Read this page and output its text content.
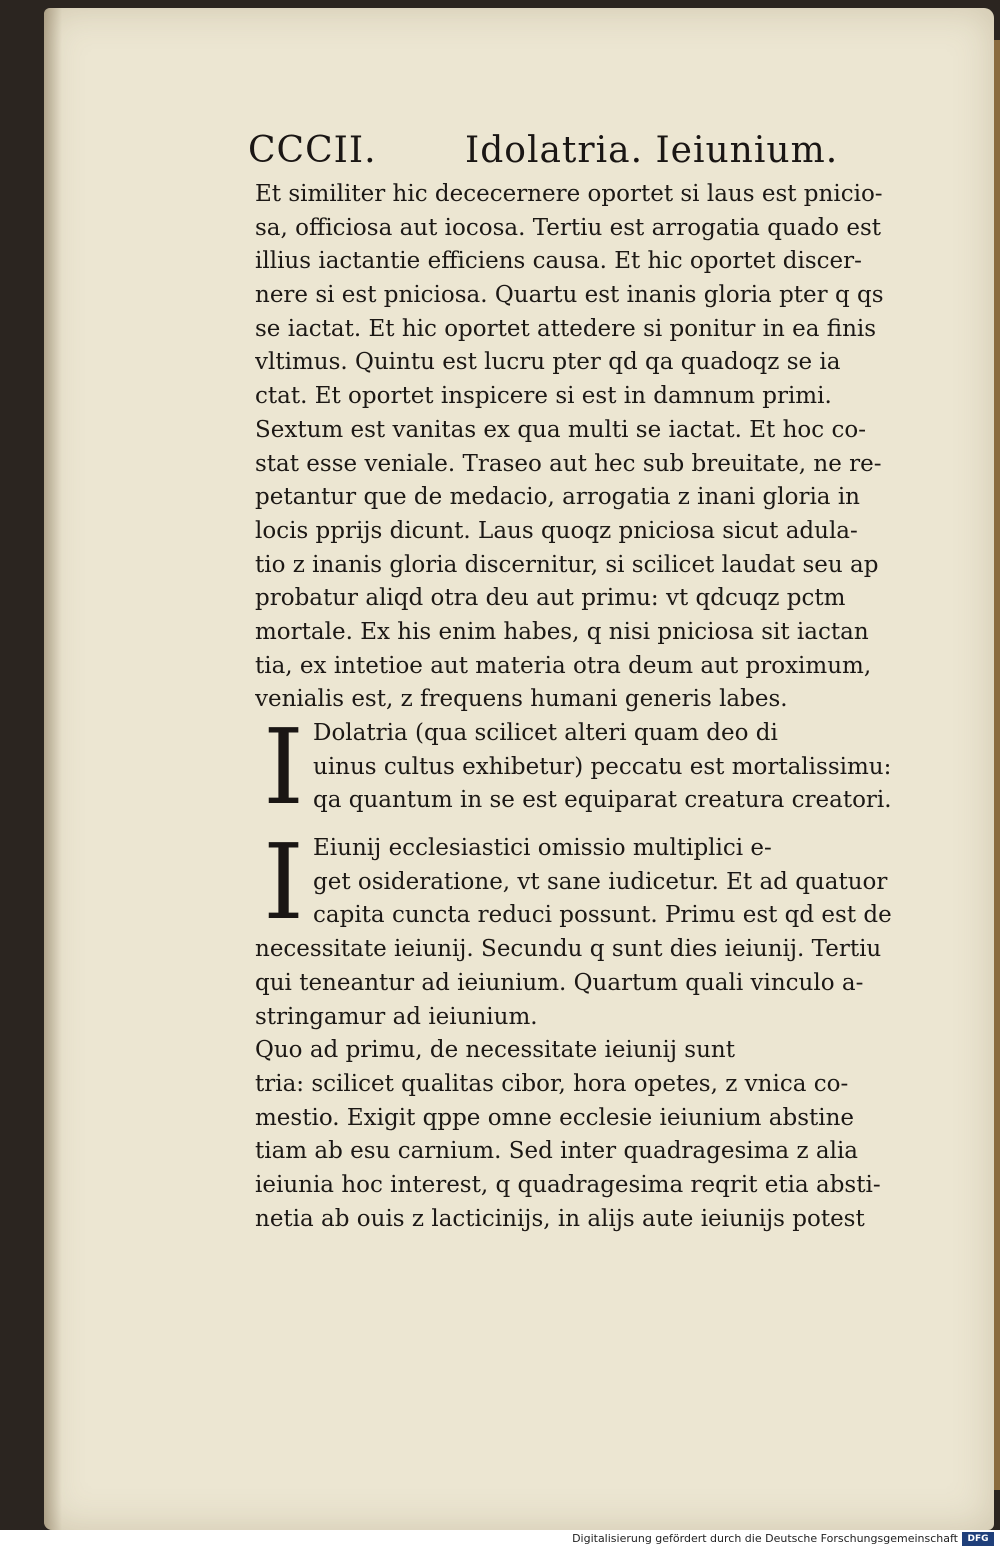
CCCII. Idolatria. Ieiunium.
Et similiter hic dececernere oportet si laus est pnicio-
sa, officiosa aut iocosa. Tertiu est arrogatia quado est
illius iactantie efficiens causa. Et hic oportet discer-
nere si est pniciosa. Quartu est inanis gloria pter q qs
se iactat. Et hic oportet attedere si ponitur in ea finis
vltimus. Quintu est lucru pter qd qa quadoqz se ia
ctat. Et oportet inspicere si est in damnum primi.
Sextum est vanitas ex qua multi se iactat. Et hoc co-
stat esse veniale. Traseo aut hec sub breuitate, ne re-
petantur que de medacio, arrogatia z inani gloria in
locis pprijs dicunt. Laus quoqz pniciosa sicut adula-
tio z inanis gloria discernitur, si scilicet laudat seu ap
probatur aliqd otra deu aut primu: vt qdcuqz pctm
mortale. Ex his enim habes, q nisi pniciosa sit iactan
tia, ex intetioe aut materia otra deum aut proximum,
venialis est, z frequens humani generis labes.
I Dolatria (qua scilicet alteri quam deo di
uinus cultus exhibetur) peccatu est mortalissimu:
qa quantum in se est equiparat creatura creatori.
I Eiunij ecclesiastici omissio multiplici e-
get osideratione, vt sane iudicetur. Et ad quatuor
capita cuncta reduci possunt. Primu est qd est de
necessitate ieiunij. Secundu q sunt dies ieiunij. Tertiu
qui teneantur ad ieiunium. Quartum quali vinculo a-
stringamur ad ieiunium.
Quo ad primu, de necessitate ieiunij sunt
tria: scilicet qualitas cibor, hora opetes, z vnica co-
mestio. Exigit qppe omne ecclesie ieiunium abstine
tiam ab esu carnium. Sed inter quadragesima z alia
ieiunia hoc interest, q quadragesima reqrit etia absti-
netia ab ouis z lacticinijs, in alijs aute ieiunijs potest
Digitalisierung gefördert durch die Deutsche Forschungsgemeinschaft	DFG
